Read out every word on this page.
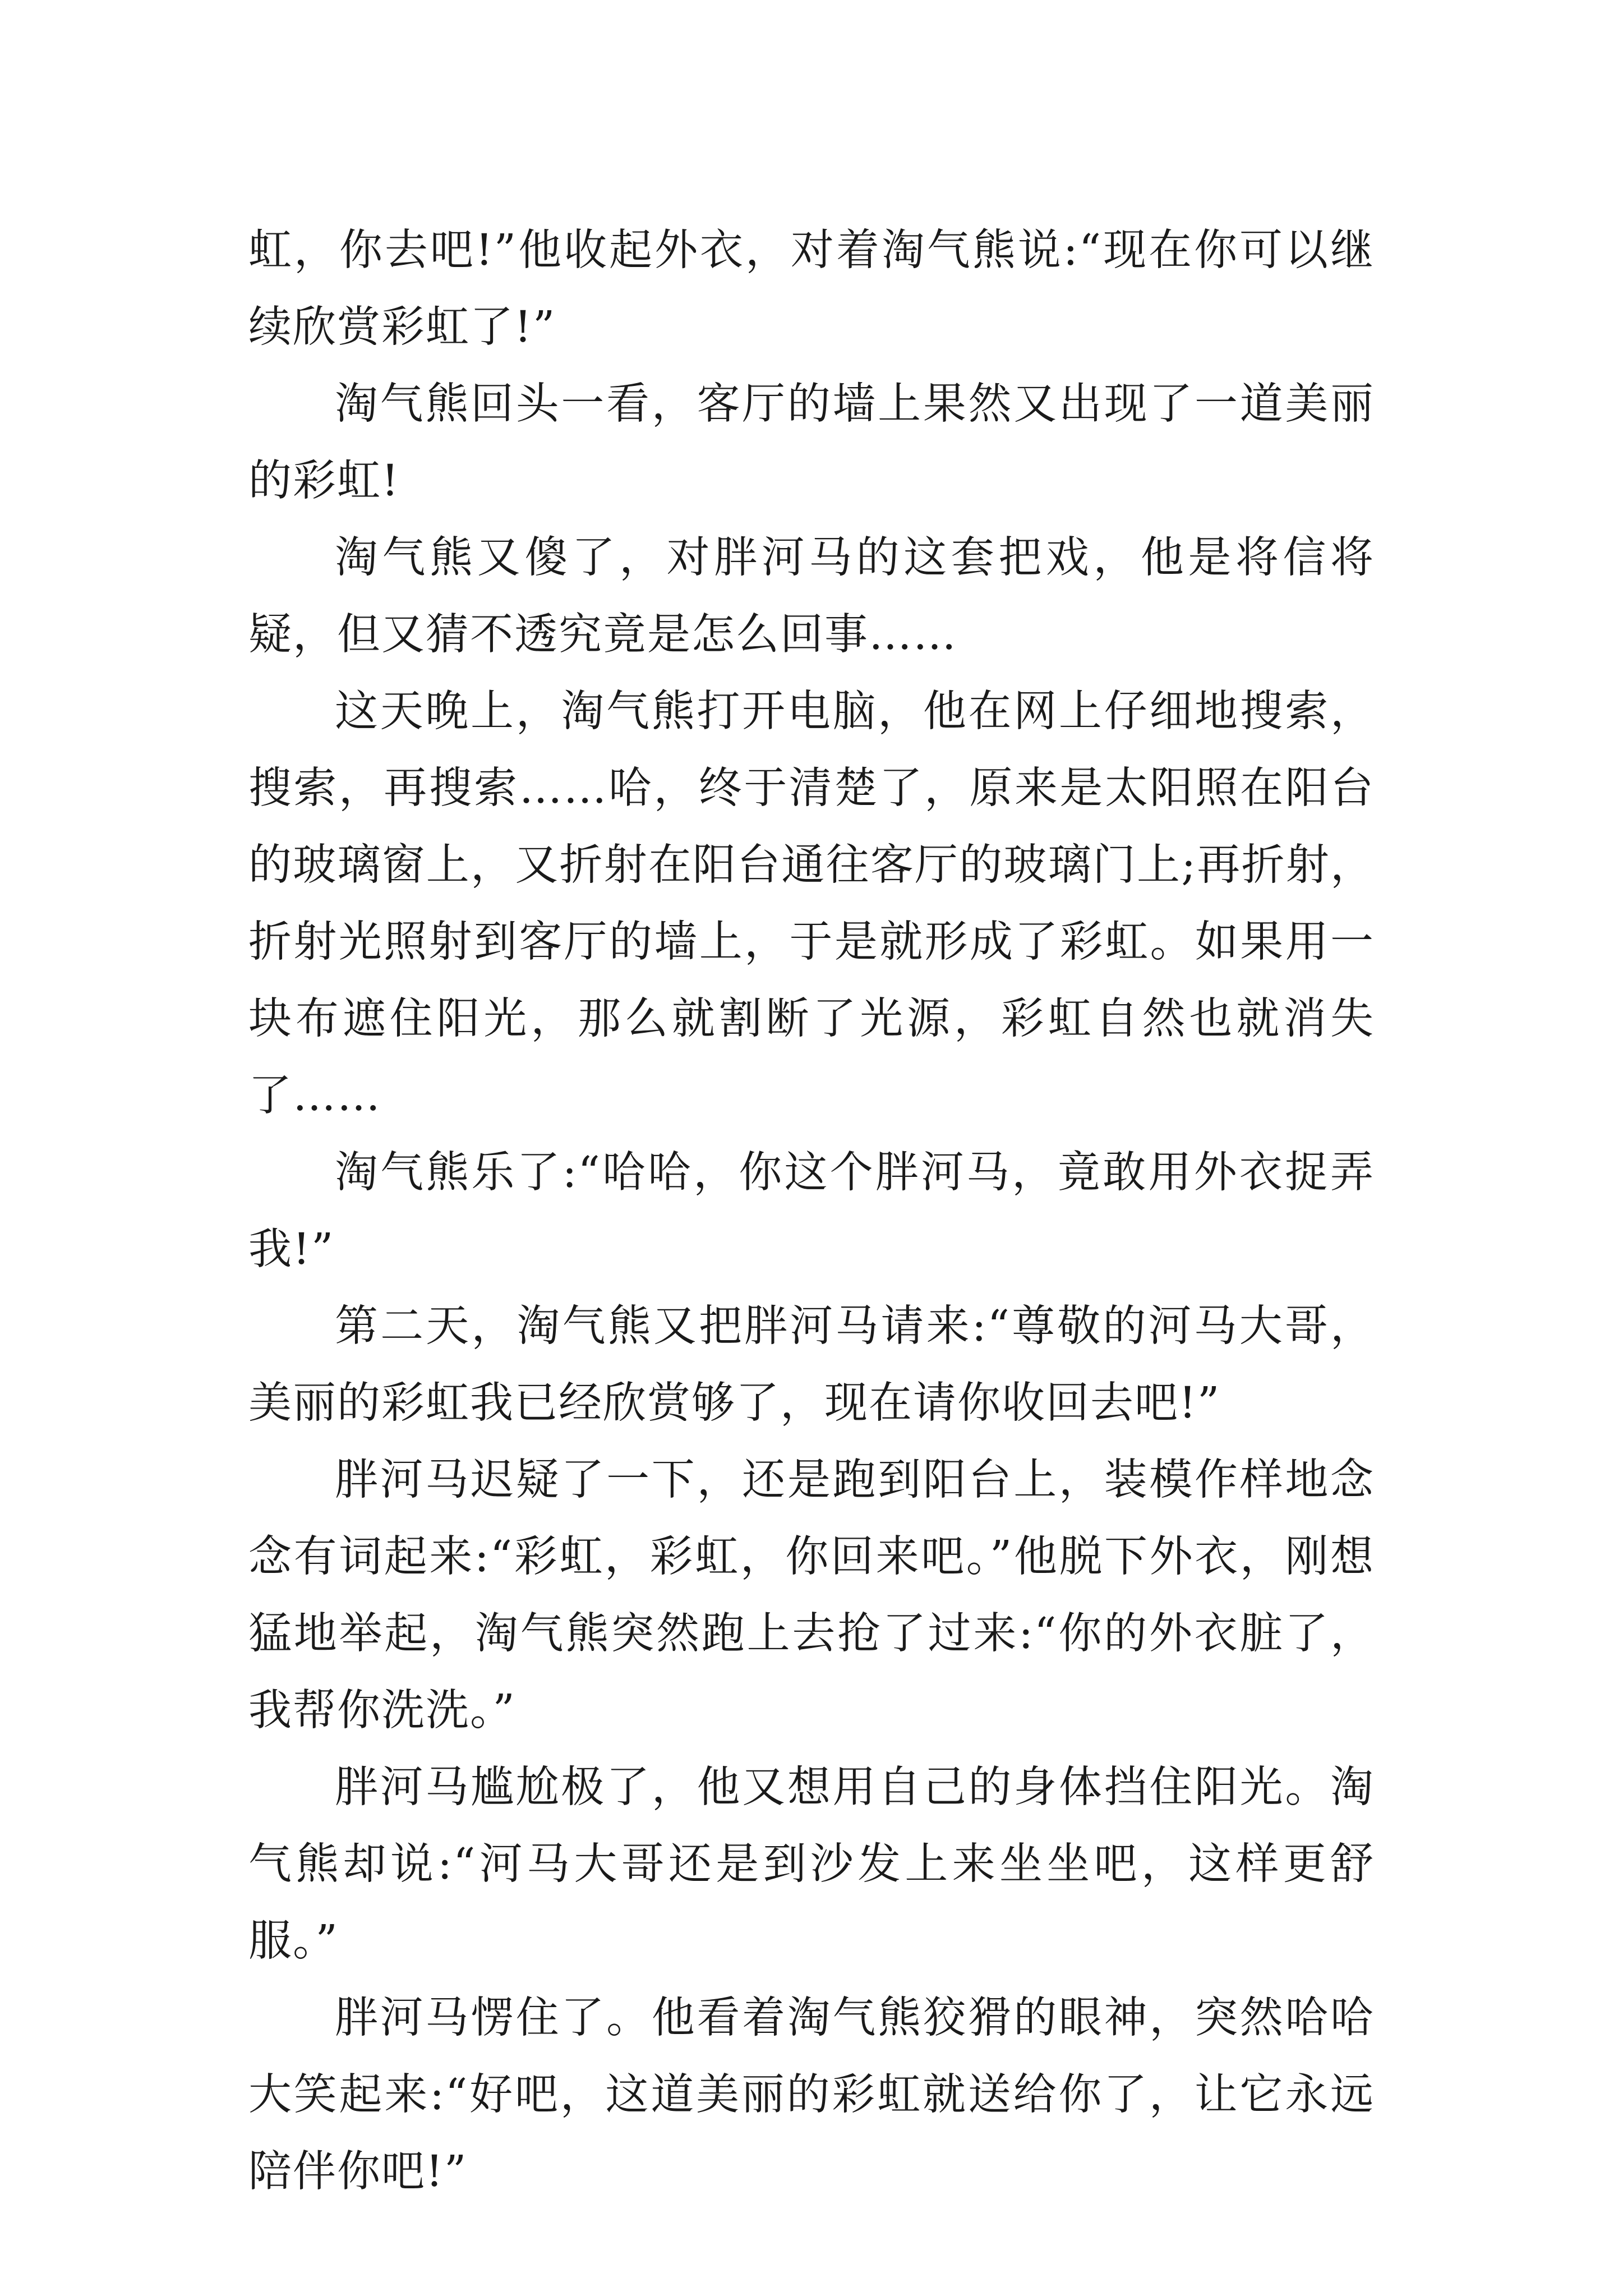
虹，你去吧!”他收起外衣，对着淘气熊说:“现在你可以继续欣赏彩虹了!”

淘气熊回头一看，客厅的墙上果然又出现了一道美丽的彩虹!

淘气熊又傻了，对胖河马的这套把戏，他是将信将疑，但又猜不透究竟是怎么回事……

这天晚上，淘气熊打开电脑，他在网上仔细地搜索，搜索，再搜索……哈，终于清楚了，原来是太阳照在阳台的玻璃窗上，又折射在阳台通往客厅的玻璃门上;再折射，折射光照射到客厅的墙上，于是就形成了彩虹。如果用一块布遮住阳光，那么就割断了光源，彩虹自然也就消失了……

淘气熊乐了:“哈哈，你这个胖河马，竟敢用外衣捉弄我!”

第二天，淘气熊又把胖河马请来:“尊敬的河马大哥，美丽的彩虹我已经欣赏够了，现在请你收回去吧!”

胖河马迟疑了一下，还是跑到阳台上，装模作样地念念有词起来:“彩虹，彩虹，你回来吧。”他脱下外衣，刚想猛地举起，淘气熊突然跑上去抢了过来:“你的外衣脏了，我帮你洗洗。”

胖河马尴尬极了，他又想用自己的身体挡住阳光。淘气熊却说:“河马大哥还是到沙发上来坐坐吧，这样更舒服。”

胖河马愣住了。他看着淘气熊狡猾的眼神，突然哈哈大笑起来:“好吧，这道美丽的彩虹就送给你了，让它永远陪伴你吧!”
